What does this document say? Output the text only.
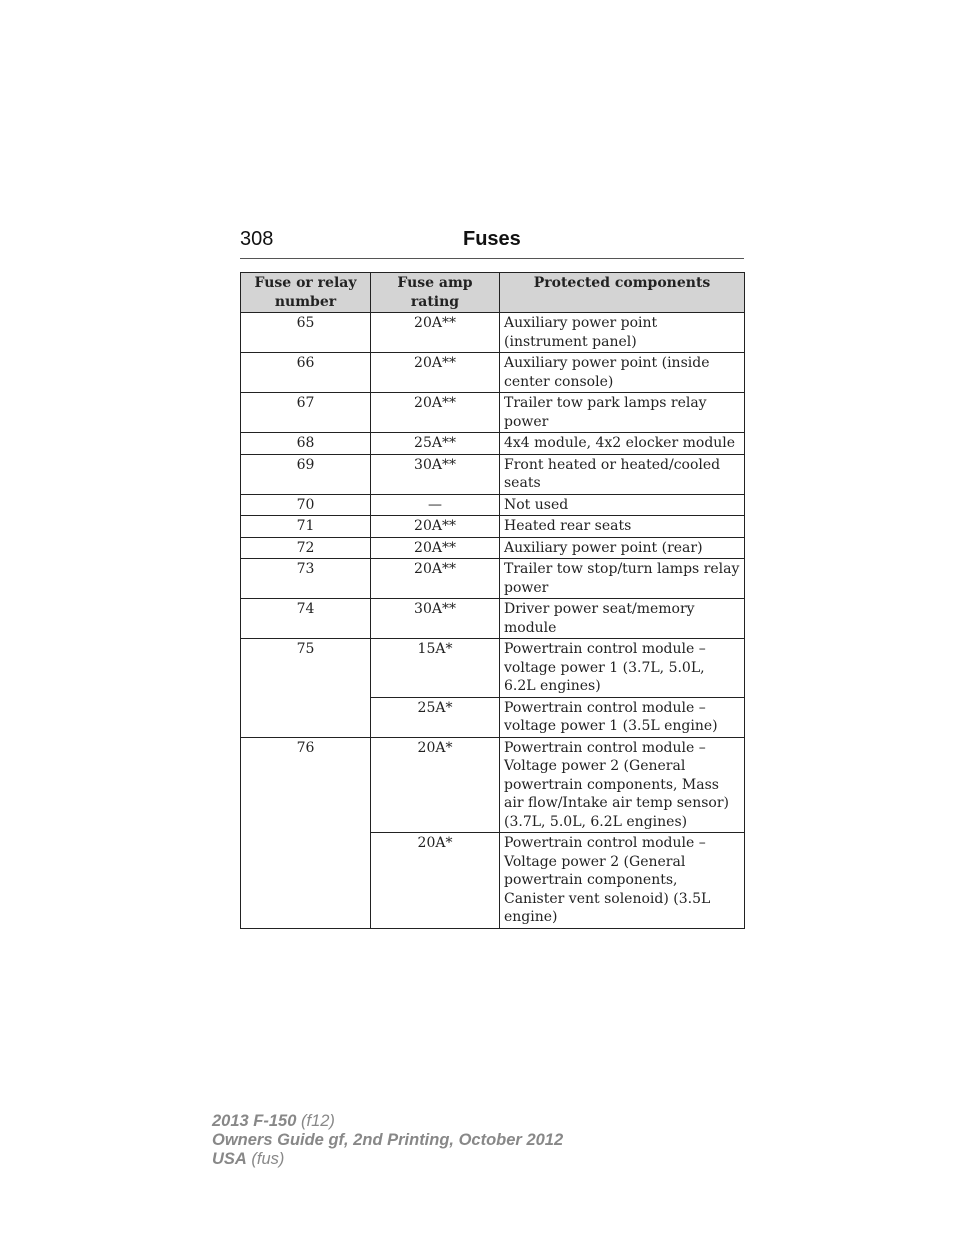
308	Fuses
Fuse or relay number	Fuse amp rating	Protected components
65	20A**	Auxiliary power point (instrument panel)
66	20A**	Auxiliary power point (inside center console)
67	20A**	Trailer tow park lamps relay power
68	25A**	4x4 module, 4x2 elocker module
69	30A**	Front heated or heated/cooled seats
70	—	Not used
71	20A**	Heated rear seats
72	20A**	Auxiliary power point (rear)
73	20A**	Trailer tow stop/turn lamps relay power
74	30A**	Driver power seat/memory module
75	15A*	Powertrain control module – voltage power 1 (3.7L, 5.0L, 6.2L engines)
	25A*	Powertrain control module – voltage power 1 (3.5L engine)
76	20A*	Powertrain control module – Voltage power 2 (General powertrain components, Mass air flow/Intake air temp sensor) (3.7L, 5.0L, 6.2L engines)
	20A*	Powertrain control module – Voltage power 2 (General powertrain components, Canister vent solenoid) (3.5L engine)
2013 F-150 (f12)
Owners Guide gf, 2nd Printing, October 2012
USA (fus)
